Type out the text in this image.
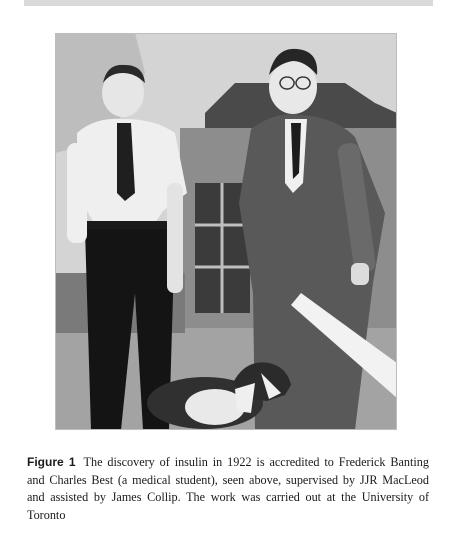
Figure 1 The discovery of insulin in 1922 is accredited to Frederick Banting and Charles Best (a medical student), seen above, supervised by JJR MacLeod and assisted by James Collip. The work was carried out at the University of Toronto
